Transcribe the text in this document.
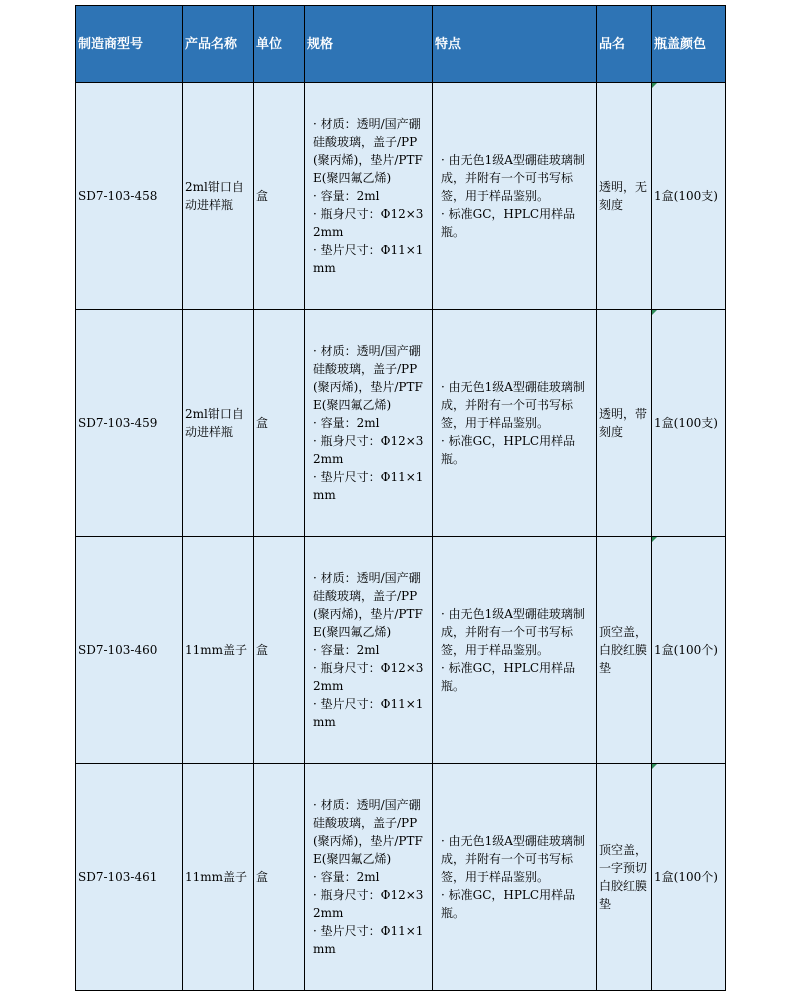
制造商型号	产品名称	单位	规格	特点	品名	瓶盖颜色
SD7-103-458	2ml钳口自动进样瓶	盒	· 材质：透明/国产硼硅酸玻璃，盖子/PP(聚丙烯)，垫片/PTFE(聚四氟乙烯)
· 容量：2ml
· 瓶身尺寸：Φ12×32mm
· 垫片尺寸：Φ11×1mm	· 由无色1级A型硼硅玻璃制成，并附有一个可书写标签，用于样品鉴别。
· 标准GC，HPLC用样品瓶。	透明，无刻度	1盒(100支)
SD7-103-459	2ml钳口自动进样瓶	盒	· 材质：透明/国产硼硅酸玻璃，盖子/PP(聚丙烯)，垫片/PTFE(聚四氟乙烯)
· 容量：2ml
· 瓶身尺寸：Φ12×32mm
· 垫片尺寸：Φ11×1mm	· 由无色1级A型硼硅玻璃制成，并附有一个可书写标签，用于样品鉴别。
· 标准GC，HPLC用样品瓶。	透明，带刻度	1盒(100支)
SD7-103-460	11mm盖子	盒	· 材质：透明/国产硼硅酸玻璃，盖子/PP(聚丙烯)，垫片/PTFE(聚四氟乙烯)
· 容量：2ml
· 瓶身尺寸：Φ12×32mm
· 垫片尺寸：Φ11×1mm	· 由无色1级A型硼硅玻璃制成，并附有一个可书写标签，用于样品鉴别。
· 标准GC，HPLC用样品瓶。	顶空盖，白胶红膜垫	1盒(100个)
SD7-103-461	11mm盖子	盒	· 材质：透明/国产硼硅酸玻璃，盖子/PP(聚丙烯)，垫片/PTFE(聚四氟乙烯)
· 容量：2ml
· 瓶身尺寸：Φ12×32mm
· 垫片尺寸：Φ11×1mm	· 由无色1级A型硼硅玻璃制成，并附有一个可书写标签，用于样品鉴别。
· 标准GC，HPLC用样品瓶。	顶空盖，一字预切白胶红膜垫	1盒(100个)
